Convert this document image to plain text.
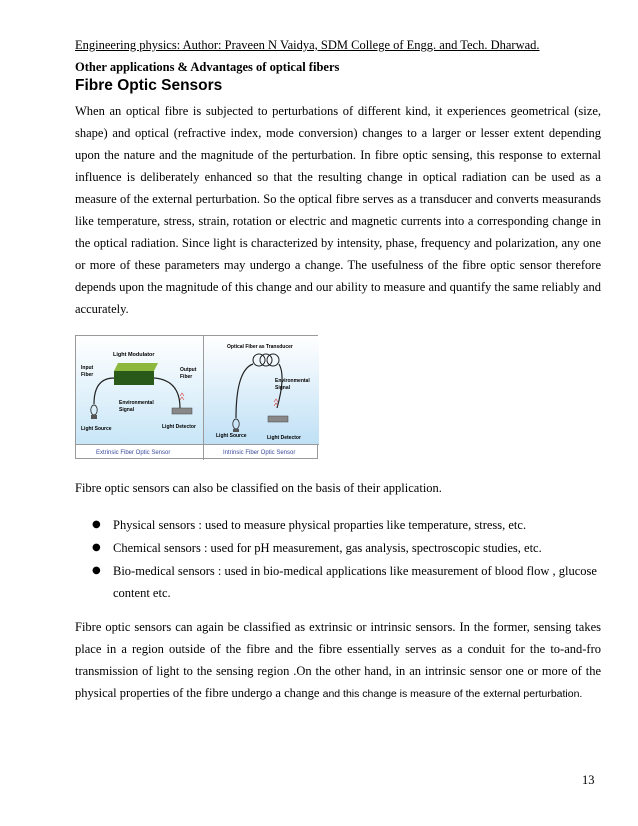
Engineering physics: Author: Praveen N Vaidya, SDM College of Engg. and Tech. Dharwad.
Other applications & Advantages of optical fibers
Fibre Optic Sensors

When an optical fibre is subjected to perturbations of different kind, it experiences geometrical (size, shape) and optical (refractive index, mode conversion) changes to a larger or lesser extent depending upon the nature and the magnitude of the perturbation. In fibre optic sensing, this response to external influence is deliberately enhanced so that the resulting change in optical radiation can be used as a measure of the external perturbation. So the optical fibre serves as a transducer and converts measurands like temperature, stress, strain, rotation or electric and magnetic currents into a corresponding change in the optical radiation. Since light is characterized by intensity, phase, frequency and polarization, any one or more of these parameters may undergo a change. The usefulness of the fibre optic sensor therefore depends upon the magnitude of this change and our ability to measure and quantify the same reliably and accurately.

Light Modulator
Input
Fiber
Output
Fiber
Environmental
Signal
Light Source	Light Detector
Extrinsic Fiber Optic Sensor
Optical Fiber as Transducer
Environmental
Signal
Light Source	Light Detector
Intrinsic Fiber Optic Sensor
Fibre optic sensors can also be classified on the basis of their application.
● Physical sensors : used to measure physical proparties like temperature, stress, etc.
● Chemical sensors : used for pH measurement, gas analysis, spectroscopic studies, etc.
● Bio-medical sensors : used in bio-medical applications like measurement of blood flow , glucose content etc.

Fibre optic sensors can again be classified as extrinsic or intrinsic sensors. In the former, sensing takes place in a region outside of the fibre and the fibre essentially serves as a conduit for the to-and-fro transmission of light to the sensing region .On the other hand, in an intrinsic sensor one or more of the physical properties of the fibre undergo a change and this change is measure of the external perturbation.

13
